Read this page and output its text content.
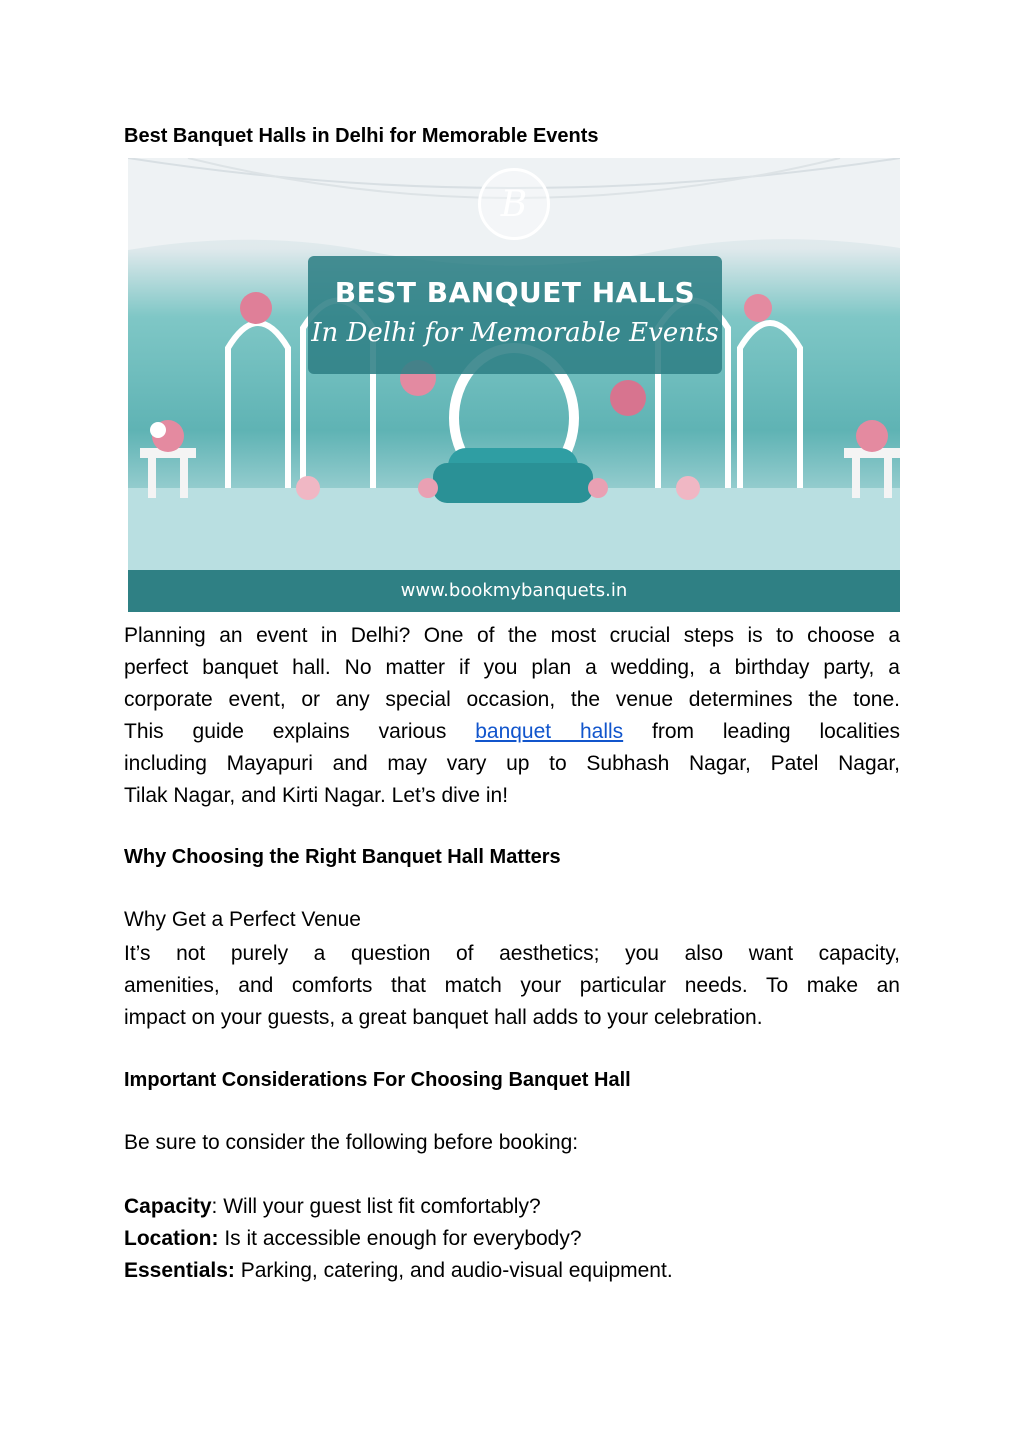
Best Banquet Halls in Delhi for Memorable Events
B
BEST BANQUET HALLS
In Delhi for Memorable Events
www.bookmybanquets.in
Planning an event in Delhi? One of the most crucial steps is to choose a
perfect banquet hall. No matter if you plan a wedding, a birthday party, a
corporate event, or any special occasion, the venue determines the tone.
This guide explains various banquet halls from leading localities
including Mayapuri and may vary up to Subhash Nagar, Patel Nagar,
Tilak Nagar, and Kirti Nagar. Let’s dive in!
Why Choosing the Right Banquet Hall Matters
Why Get a Perfect Venue
It’s not purely a question of aesthetics; you also want capacity,
amenities, and comforts that match your particular needs. To make an
impact on your guests, a great banquet hall adds to your celebration.
Important Considerations For Choosing Banquet Hall
Be sure to consider the following before booking:
Capacity: Will your guest list fit comfortably?
Location: Is it accessible enough for everybody?
Essentials: Parking, catering, and audio-visual equipment.
